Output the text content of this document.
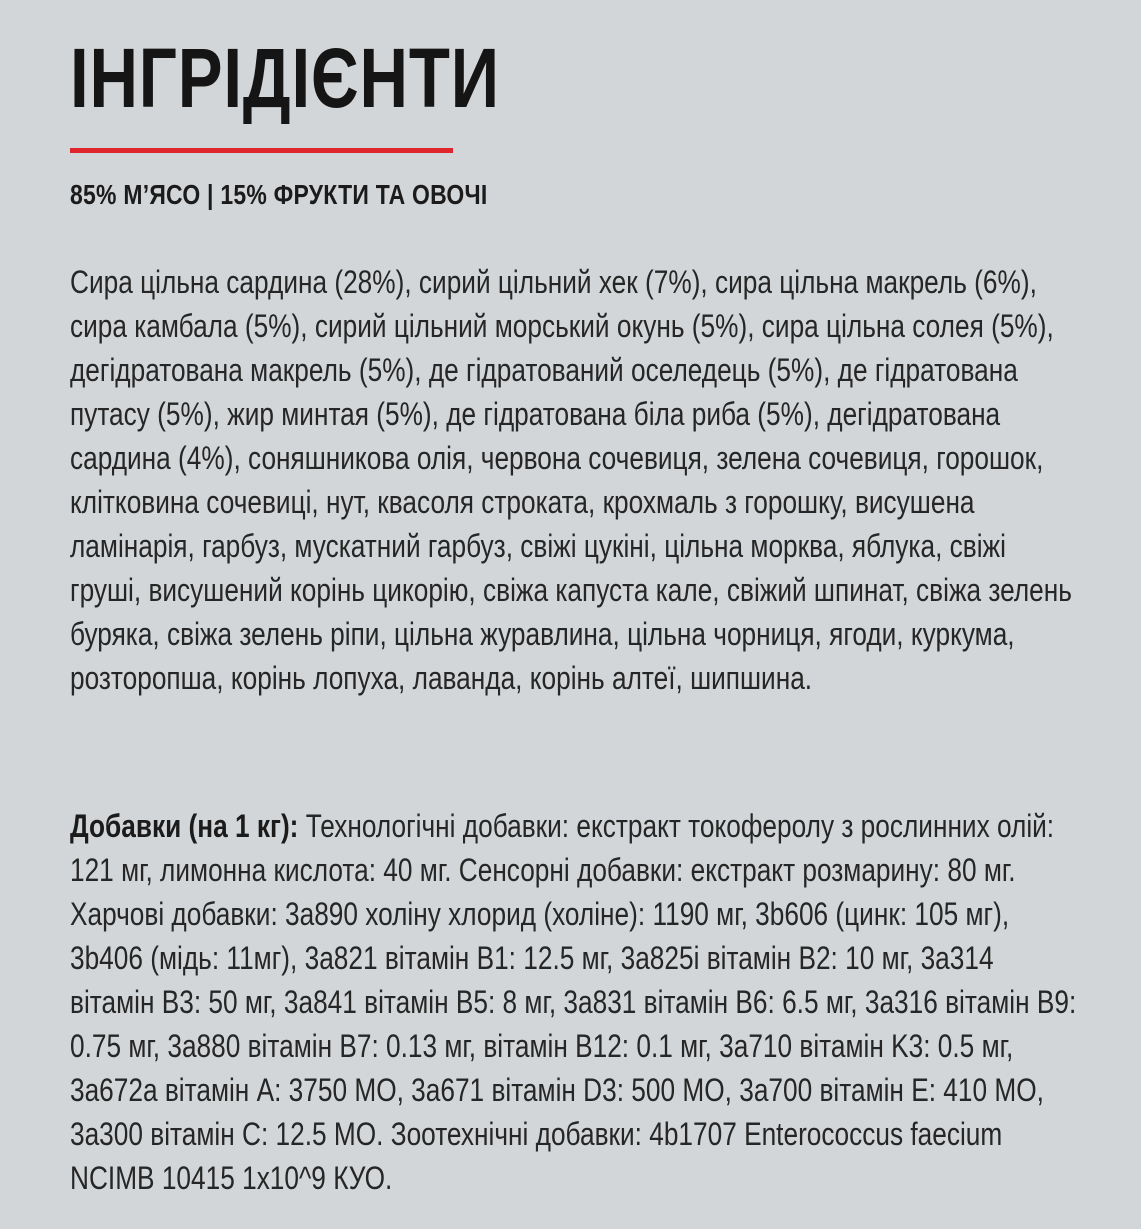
ІНГРІДІЄНТИ
85% М’ЯСО | 15% ФРУКТИ ТА ОВОЧІ

Сира цільна сардина (28%), сирий цільний хек (7%), сира цільна макрель (6%), сира камбала (5%), сирий цільний морський окунь (5%), сира цільна солея (5%), дегідратована макрель (5%), де гідратований оселедець (5%), де гідратована путасу (5%), жир минтая (5%), де гідратована біла риба (5%), дегідратована сардина (4%), соняшникова олія, червона сочевиця, зелена сочевиця, горошок, клітковина сочевиці, нут, квасоля строката, крохмаль з горошку, висушена ламінарія, гарбуз, мускатний гарбуз, свіжі цукіні, цільна морква, яблука, свіжі груші, висушений корінь цикорію, свіжа капуста кале, свіжий шпинат, свіжа зелень буряка, свіжа зелень ріпи, цільна журавлина, цільна чорниця, ягоди, куркума, розторопша, корінь лопуха, лаванда, корінь алтеї, шипшина.

Добавки (на 1 кг): Технологічні добавки: екстракт токоферолу з рослинних олій: 121 мг, лимонна кислота: 40 мг. Сенсорні добавки: екстракт розмарину: 80 мг. Харчові добавки: 3a890 холіну хлорид (холіне): 1190 мг, 3b606 (цинк: 105 мг), 3b406 (мідь: 11мг), 3a821 вітамін B1: 12.5 мг, 3a825i вітамін B2: 10 мг, 3a314 вітамін B3: 50 мг, 3a841 вітамін B5: 8 мг, 3a831 вітамін B6: 6.5 мг, 3a316 вітамін B9: 0.75 мг, 3a880 вітамін B7: 0.13 мг, вітамін B12: 0.1 мг, 3a710 вітамін K3: 0.5 мг, 3a672a вітамін A: 3750 МО, 3a671 вітамін D3: 500 МО, 3a700 вітамін E: 410 МО, 3a300 вітамін C: 12.5 МО. Зоотехнічні добавки: 4b1707 Enterococcus faecium NCIMB 10415 1x10^9 КУО.
